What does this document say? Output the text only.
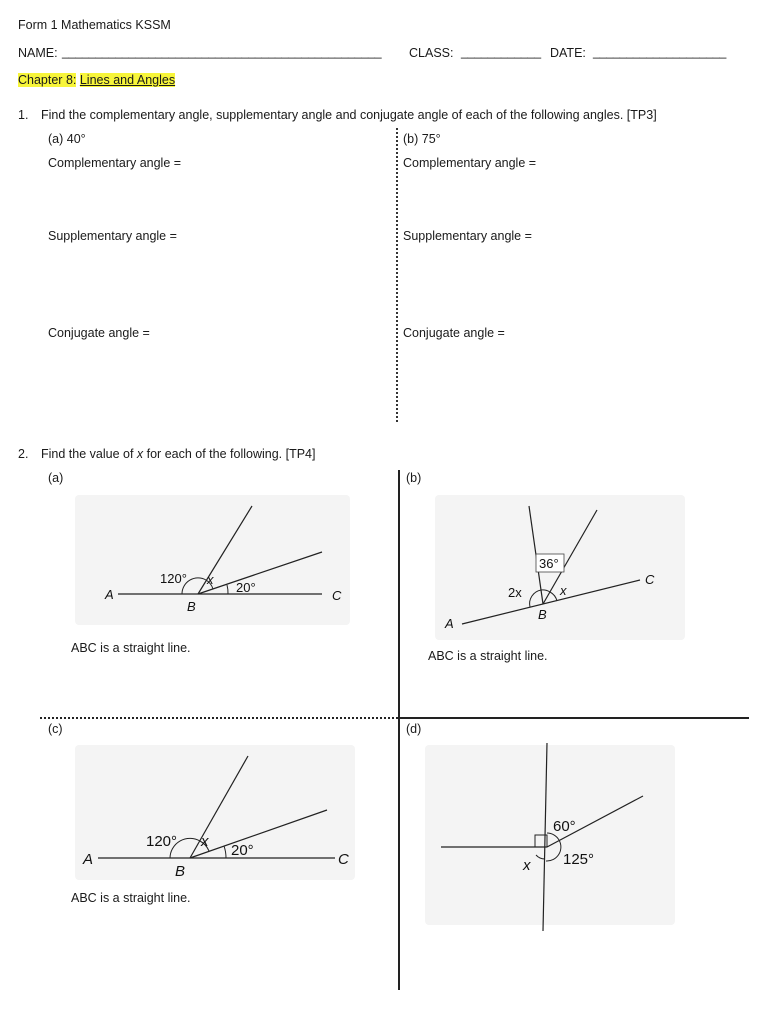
Form 1 Mathematics KSSM
NAME: ________________________________________________ CLASS: ____________ DATE: ____________________
Chapter 8: Lines and Angles
1. Find the complementary angle, supplementary angle and conjugate angle of each of the following angles. [TP3]
(a) 40°
Complementary angle =
Supplementary angle =
Conjugate angle =
(b) 75°
Complementary angle =
Supplementary angle =
Conjugate angle =
2. Find the value of x for each of the following. [TP4]
(a)
120° x
20°
A
B
C
ABC is a straight line.
(b)
36°
2x	x
A
B
C
ABC is a straight line.
(c)
120° x
20°
A
B
C
ABC is a straight line.
(d)
60°
125°
x
